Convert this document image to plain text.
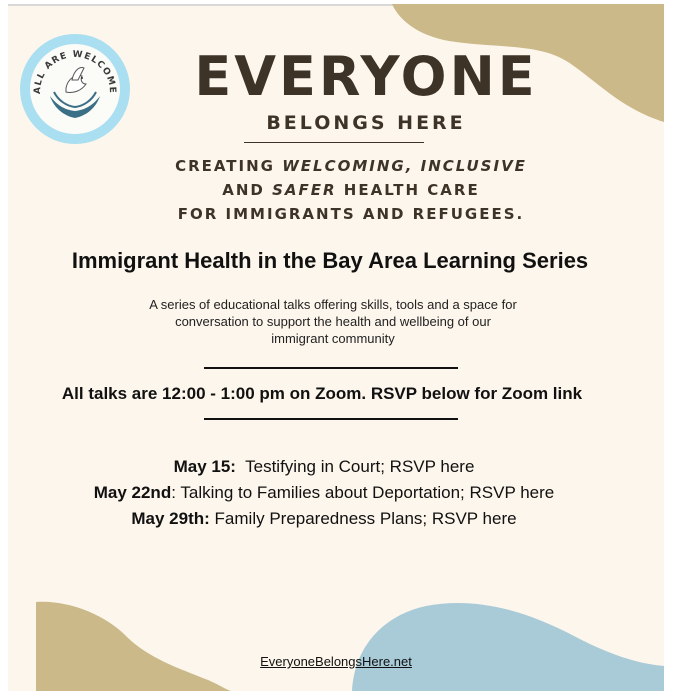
ALL ARE WELCOME	EVERYONE
BELONGS HERE
CREATING WELCOMING, INCLUSIVE
AND SAFER HEALTH CARE
FOR IMMIGRANTS AND REFUGEES.
Immigrant Health in the Bay Area Learning Series
A series of educational talks offering skills, tools and a space for conversation to support the health and wellbeing of our immigrant community
All talks are 12:00 - 1:00 pm on Zoom. RSVP below for Zoom link
May 15:  Testifying in Court; RSVP here
May 22nd: Talking to Families about Deportation; RSVP here
May 29th: Family Preparedness Plans; RSVP here
EveryoneBelongsHere.net
